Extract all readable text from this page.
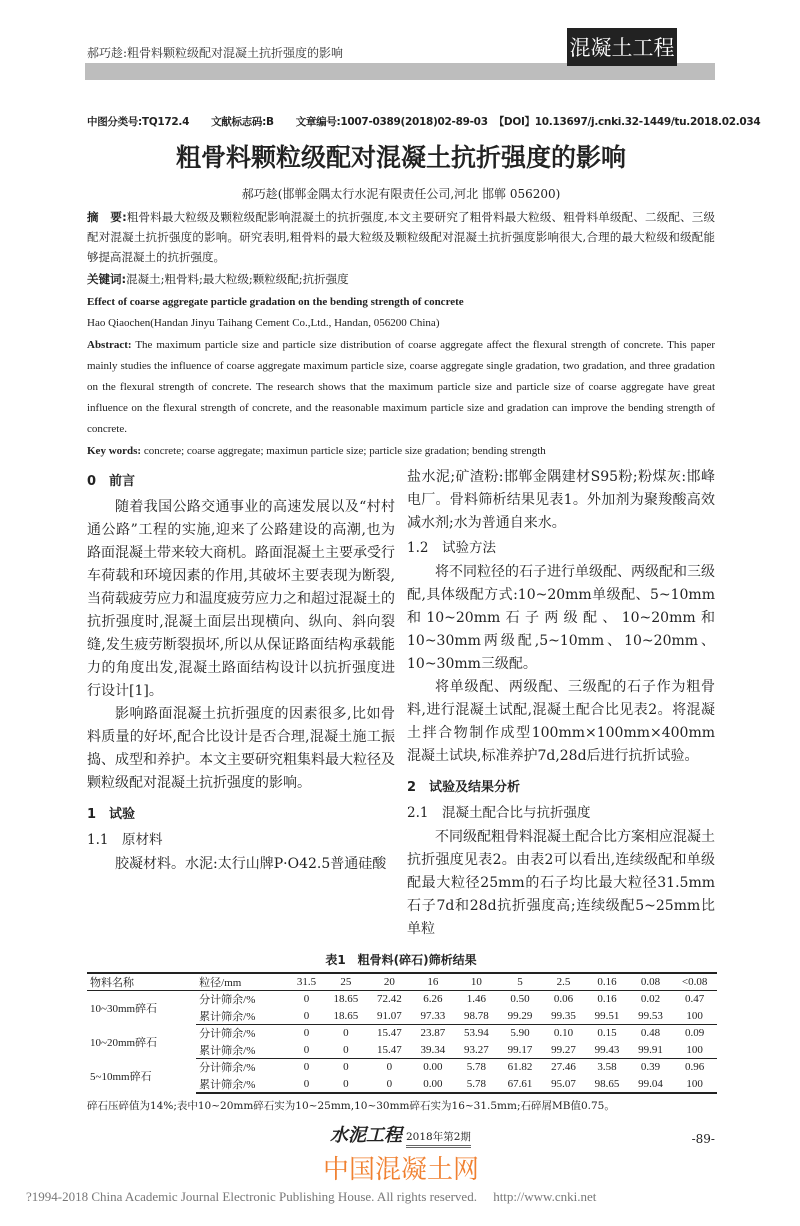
郝巧趁:粗骨料颗粒级配对混凝土抗折强度的影响	混凝土工程
中图分类号:TQ172.4 文献标志码:B 文章编号:1007-0389(2018)02-89-03 【DOI】10.13697/j.cnki.32-1449/tu.2018.02.034
粗骨料颗粒级配对混凝土抗折强度的影响
郝巧趁(邯郸金隅太行水泥有限责任公司,河北 邯郸 056200)
摘　要:粗骨料最大粒级及颗粒级配影响混凝土的抗折强度,本文主要研究了粗骨料最大粒级、粗骨料单级配、二级配、三级配对混凝土抗折强度的影响。研究表明,粗骨料的最大粒级及颗粒级配对混凝土抗折强度影响很大,合理的最大粒级和级配能够提高混凝土的抗折强度。
关键词:混凝土;粗骨料;最大粒级;颗粒级配;抗折强度
Effect of coarse aggregate particle gradation on the bending strength of concrete
Hao Qiaochen(Handan Jinyu Taihang Cement Co.,Ltd., Handan, 056200 China)
Abstract: The maximum particle size and particle size distribution of coarse aggregate affect the flexural strength of concrete. This paper mainly studies the influence of coarse aggregate maximum particle size, coarse aggregate single gradation, two gradation, and three gradation on the flexural strength of concrete. The research shows that the maximum particle size and particle size of coarse aggregate have great influence on the flexural strength of concrete, and the reasonable maximum particle size and gradation can improve the bending strength of concrete.
Key words: concrete; coarse aggregate; maximun particle size; particle size gradation; bending strength
0　前言
随着我国公路交通事业的高速发展以及“村村通公路”工程的实施,迎来了公路建设的高潮,也为路面混凝土带来较大商机。路面混凝土主要承受行车荷载和环境因素的作用,其破坏主要表现为断裂,当荷载疲劳应力和温度疲劳应力之和超过混凝土的抗折强度时,混凝土面层出现横向、纵向、斜向裂缝,发生疲劳断裂损坏,所以从保证路面结构承载能力的角度出发,混凝土路面结构设计以抗折强度进行设计[1]。
影响路面混凝土抗折强度的因素很多,比如骨料质量的好坏,配合比设计是否合理,混凝土施工振捣、成型和养护。本文主要研究粗集料最大粒径及颗粒级配对混凝土抗折强度的影响。
1　试验
1.1　原材料
胶凝材料。水泥:太行山牌P·O42.5普通硅酸
盐水泥;矿渣粉:邯郸金隅建材S95粉;粉煤灰:邯峰电厂。骨料筛析结果见表1。外加剂为聚羧酸高效减水剂;水为普通自来水。
1.2　试验方法
将不同粒径的石子进行单级配、两级配和三级配,具体级配方式:10~20mm单级配、5~10mm和10~20mm石子两级配、10~20mm和10~30mm两级配,5~10mm、10~20mm、10~30mm三级配。
将单级配、两级配、三级配的石子作为粗骨料,进行混凝土试配,混凝土配合比见表2。将混凝土拌合物制作成型100mm×100mm×400mm混凝土试块,标准养护7d,28d后进行抗折试验。
2　试验及结果分析
2.1　混凝土配合比与抗折强度
不同级配粗骨料混凝土配合比方案相应混凝土抗折强度见表2。由表2可以看出,连续级配和单级配最大粒径25mm的石子均比最大粒径31.5mm石子7d和28d抗折强度高;连续级配5~25mm比单粒
表1　粗骨料(碎石)筛析结果
物料名称	粒径/mm	31.5	25	20	16	10	5	2.5	0.16	0.08	<0.08
10~30mm碎石	分计筛余/%	0	18.65	72.42	6.26	1.46	0.50	0.06	0.16	0.02	0.47
	累计筛余/%	0	18.65	91.07	97.33	98.78	99.29	99.35	99.51	99.53	100
10~20mm碎石	分计筛余/%	0	0	15.47	23.87	53.94	5.90	0.10	0.15	0.48	0.09
	累计筛余/%	0	0	15.47	39.34	93.27	99.17	99.27	99.43	99.91	100
5~10mm碎石	分计筛余/%	0	0	0	0.00	5.78	61.82	27.46	3.58	0.39	0.96
	累计筛余/%	0	0	0	0.00	5.78	67.61	95.07	98.65	99.04	100
碎石压碎值为14%;表中10~20mm碎石实为10~25mm,10~30mm碎石实为16~31.5mm;石碎屑MB值0.75。
水泥工程 2018年第2期	-89-
中国混凝土网
?1994-2018 China Academic Journal Electronic Publishing House. All rights reserved.　 http://www.cnki.net
